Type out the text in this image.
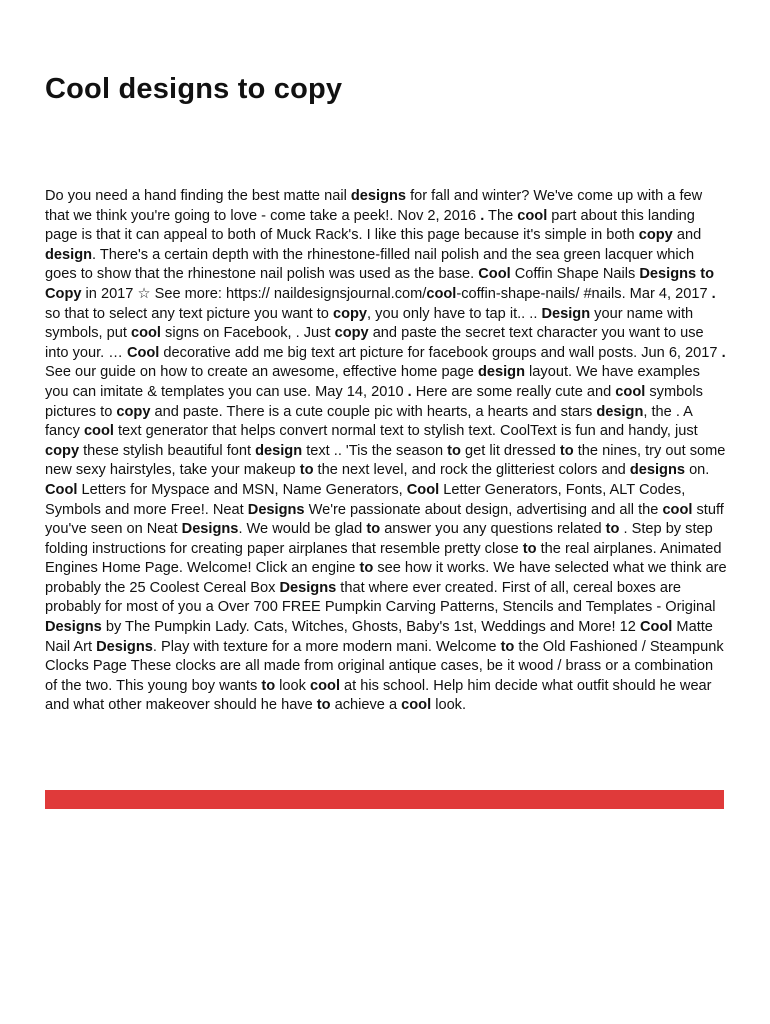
Cool designs to copy

Do you need a hand finding the best matte nail designs for fall and winter? We've come up with a few that we think you're going to love - come take a peek!. Nov 2, 2016 . The cool part about this landing page is that it can appeal to both of Muck Rack's. I like this page because it's simple in both copy and design. There's a certain depth with the rhinestone-filled nail polish and the sea green lacquer which goes to show that the rhinestone nail polish was used as the base. Cool Coffin Shape Nails Designs to Copy in 2017 ☆ See more: https:// naildesignsjournal.com/cool-coffin-shape-nails/ #nails. Mar 4, 2017 . so that to select any text picture you want to copy, you only have to tap it.. .. Design your name with symbols, put cool signs on Facebook, . Just copy and paste the secret text character you want to use into your. … Cool decorative add me big text art picture for facebook groups and wall posts. Jun 6, 2017 . See our guide on how to create an awesome, effective home page design layout. We have examples you can imitate & templates you can use. May 14, 2010 . Here are some really cute and cool symbols pictures to copy and paste. There is a cute couple pic with hearts, a hearts and stars design, the . A fancy cool text generator that helps convert normal text to stylish text. CoolText is fun and handy, just copy these stylish beautiful font design text .. 'Tis the season to get lit dressed to the nines, try out some new sexy hairstyles, take your makeup to the next level, and rock the glitteriest colors and designs on. Cool Letters for Myspace and MSN, Name Generators, Cool Letter Generators, Fonts, ALT Codes, Symbols and more Free!. Neat Designs We're passionate about design, advertising and all the cool stuff you've seen on Neat Designs. We would be glad to answer you any questions related to . Step by step folding instructions for creating paper airplanes that resemble pretty close to the real airplanes. Animated Engines Home Page. Welcome! Click an engine to see how it works. We have selected what we think are probably the 25 Coolest Cereal Box Designs that where ever created. First of all, cereal boxes are probably for most of you a Over 700 FREE Pumpkin Carving Patterns, Stencils and Templates - Original Designs by The Pumpkin Lady. Cats, Witches, Ghosts, Baby's 1st, Weddings and More! 12 Cool Matte Nail Art Designs. Play with texture for a more modern mani. Welcome to the Old Fashioned / Steampunk Clocks Page These clocks are all made from original antique cases, be it wood / brass or a combination of the two. This young boy wants to look cool at his school. Help him decide what outfit should he wear and what other makeover should he have to achieve a cool look.
